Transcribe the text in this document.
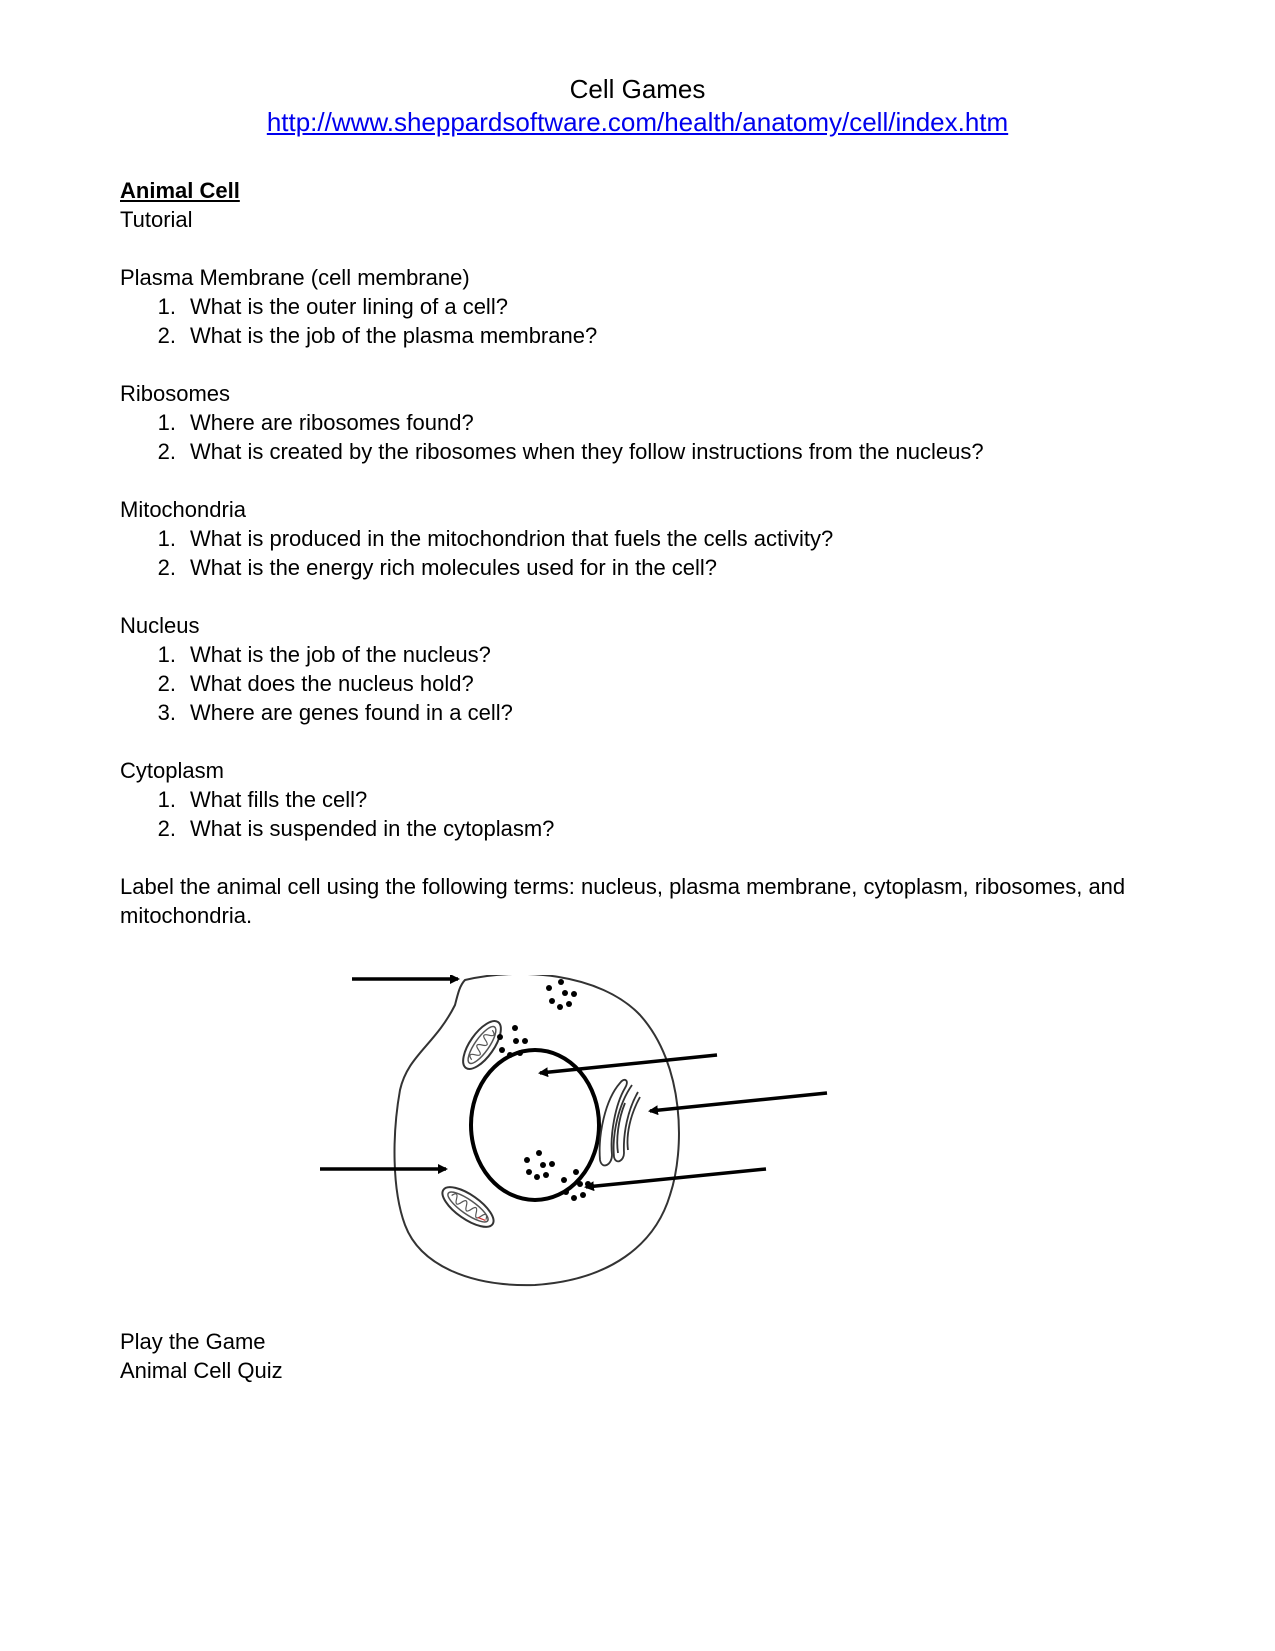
Cell Games
http://www.sheppardsoftware.com/health/anatomy/cell/index.htm

Animal Cell

Tutorial

Plasma Membrane (cell membrane)

1. What is the outer lining of a cell?
2. What is the job of the plasma membrane?

Ribosomes

1. Where are ribosomes found?
2. What is created by the ribosomes when they follow instructions from the nucleus?

Mitochondria

1. What is produced in the mitochondrion that fuels the cells activity?
2. What is the energy rich molecules used for in the cell?

Nucleus

1. What is the job of the nucleus?
2. What does the nucleus hold?
3. Where are genes found in a cell?

Cytoplasm

1. What fills the cell?
2. What is suspended in the cytoplasm?

Label the animal cell using the following terms: nucleus, plasma membrane, cytoplasm, ribosomes, and mitochondria.

Play the Game

Animal Cell Quiz
